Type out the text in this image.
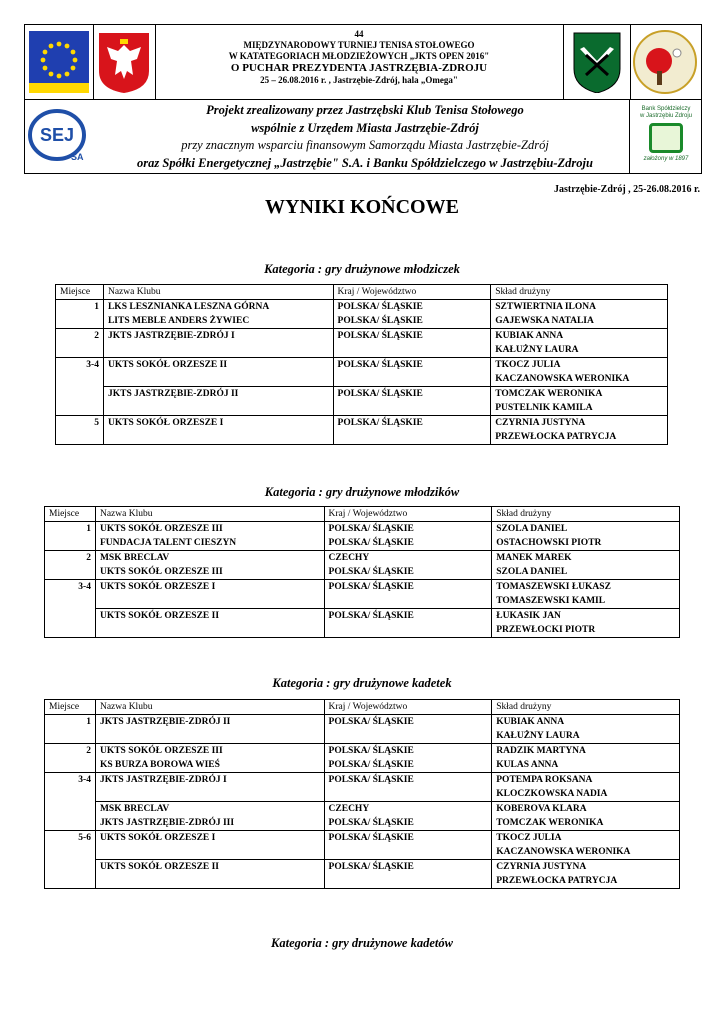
44
MIĘDZYNARODOWY TURNIEJ TENISA STOŁOWEGO
W KATATEGORIACH MŁODZIEŻOWYCH „JKTS OPEN 2016"
O PUCHAR PREZYDENTA JASTRZĘBIA-ZDROJU
25 – 26.08.2016 r. , Jastrzębie-Zdrój, hala „Omega"
SEJ
SA
Projekt zrealizowany przez Jastrzębski Klub Tenisa Stołowego
wspólnie z Urzędem Miasta Jastrzębie-Zdrój
przy znacznym wsparciu finansowym Samorządu Miasta Jastrzębie-Zdrój
oraz Spółki Energetycznej „Jastrzębie" S.A. i Banku Spółdzielczego w Jastrzębiu-Zdroju
Bank Spółdzielczy
w Jastrzębiu Zdroju
założony w 1897
Jastrzębie-Zdrój , 25-26.08.2016 r.
WYNIKI KOŃCOWE
Kategoria : gry drużynowe młodziczek
Miejsce	Nazwa Klubu	Kraj / Województwo	Skład drużyny
1	LKS LESZNIANKA LESZNA GÓRNA	POLSKA/ ŚLĄSKIE	SZTWIERTNIA ILONA
	LITS MEBLE ANDERS ŻYWIEC	POLSKA/ ŚLĄSKIE	GAJEWSKA NATALIA
2	JKTS JASTRZĘBIE-ZDRÓJ I	POLSKA/ ŚLĄSKIE	KUBIAK ANNA
			KAŁUŻNY LAURA
3-4	UKTS SOKÓŁ ORZESZE II	POLSKA/ ŚLĄSKIE	TKOCZ JULIA
			KACZANOWSKA WERONIKA
	JKTS JASTRZĘBIE-ZDRÓJ II	POLSKA/ ŚLĄSKIE	TOMCZAK WERONIKA
			PUSTELNIK KAMILA
5	UKTS SOKÓŁ ORZESZE I	POLSKA/ ŚLĄSKIE	CZYRNIA JUSTYNA
			PRZEWŁOCKA PATRYCJA
Kategoria : gry drużynowe młodzików
Miejsce	Nazwa Klubu	Kraj / Województwo	Skład drużyny
1	UKTS SOKÓŁ ORZESZE III	POLSKA/ ŚLĄSKIE	SZOLA DANIEL
	FUNDACJA TALENT CIESZYN	POLSKA/ ŚLĄSKIE	OSTACHOWSKI PIOTR
2	MSK BRECLAV	CZECHY	MANEK MAREK
	UKTS SOKÓŁ ORZESZE III	POLSKA/ ŚLĄSKIE	SZOLA DANIEL
3-4	UKTS SOKÓŁ ORZESZE I	POLSKA/ ŚLĄSKIE	TOMASZEWSKI ŁUKASZ
			TOMASZEWSKI KAMIL
	UKTS SOKÓŁ ORZESZE II	POLSKA/ ŚLĄSKIE	ŁUKASIK JAN
			PRZEWŁOCKI PIOTR
Kategoria : gry drużynowe kadetek
Miejsce	Nazwa Klubu	Kraj / Województwo	Skład drużyny
1	JKTS JASTRZĘBIE-ZDRÓJ II	POLSKA/ ŚLĄSKIE	KUBIAK ANNA
			KAŁUŻNY LAURA
2	UKTS SOKÓŁ ORZESZE III	POLSKA/ ŚLĄSKIE	RADZIK MARTYNA
	KS BURZA BOROWA WIEŚ	POLSKA/ ŚLĄSKIE	KULAS ANNA
3-4	JKTS JASTRZĘBIE-ZDRÓJ I	POLSKA/ ŚLĄSKIE	POTEMPA ROKSANA
			KLOCZKOWSKA NADIA
	MSK BRECLAV	CZECHY	KOBEROVA KLARA
	JKTS JASTRZĘBIE-ZDRÓJ III	POLSKA/ ŚLĄSKIE	TOMCZAK WERONIKA
5-6	UKTS SOKÓŁ ORZESZE I	POLSKA/ ŚLĄSKIE	TKOCZ JULIA
			KACZANOWSKA WERONIKA
	UKTS SOKÓŁ ORZESZE II	POLSKA/ ŚLĄSKIE	CZYRNIA JUSTYNA
			PRZEWŁOCKA PATRYCJA
Kategoria : gry drużynowe kadetów
